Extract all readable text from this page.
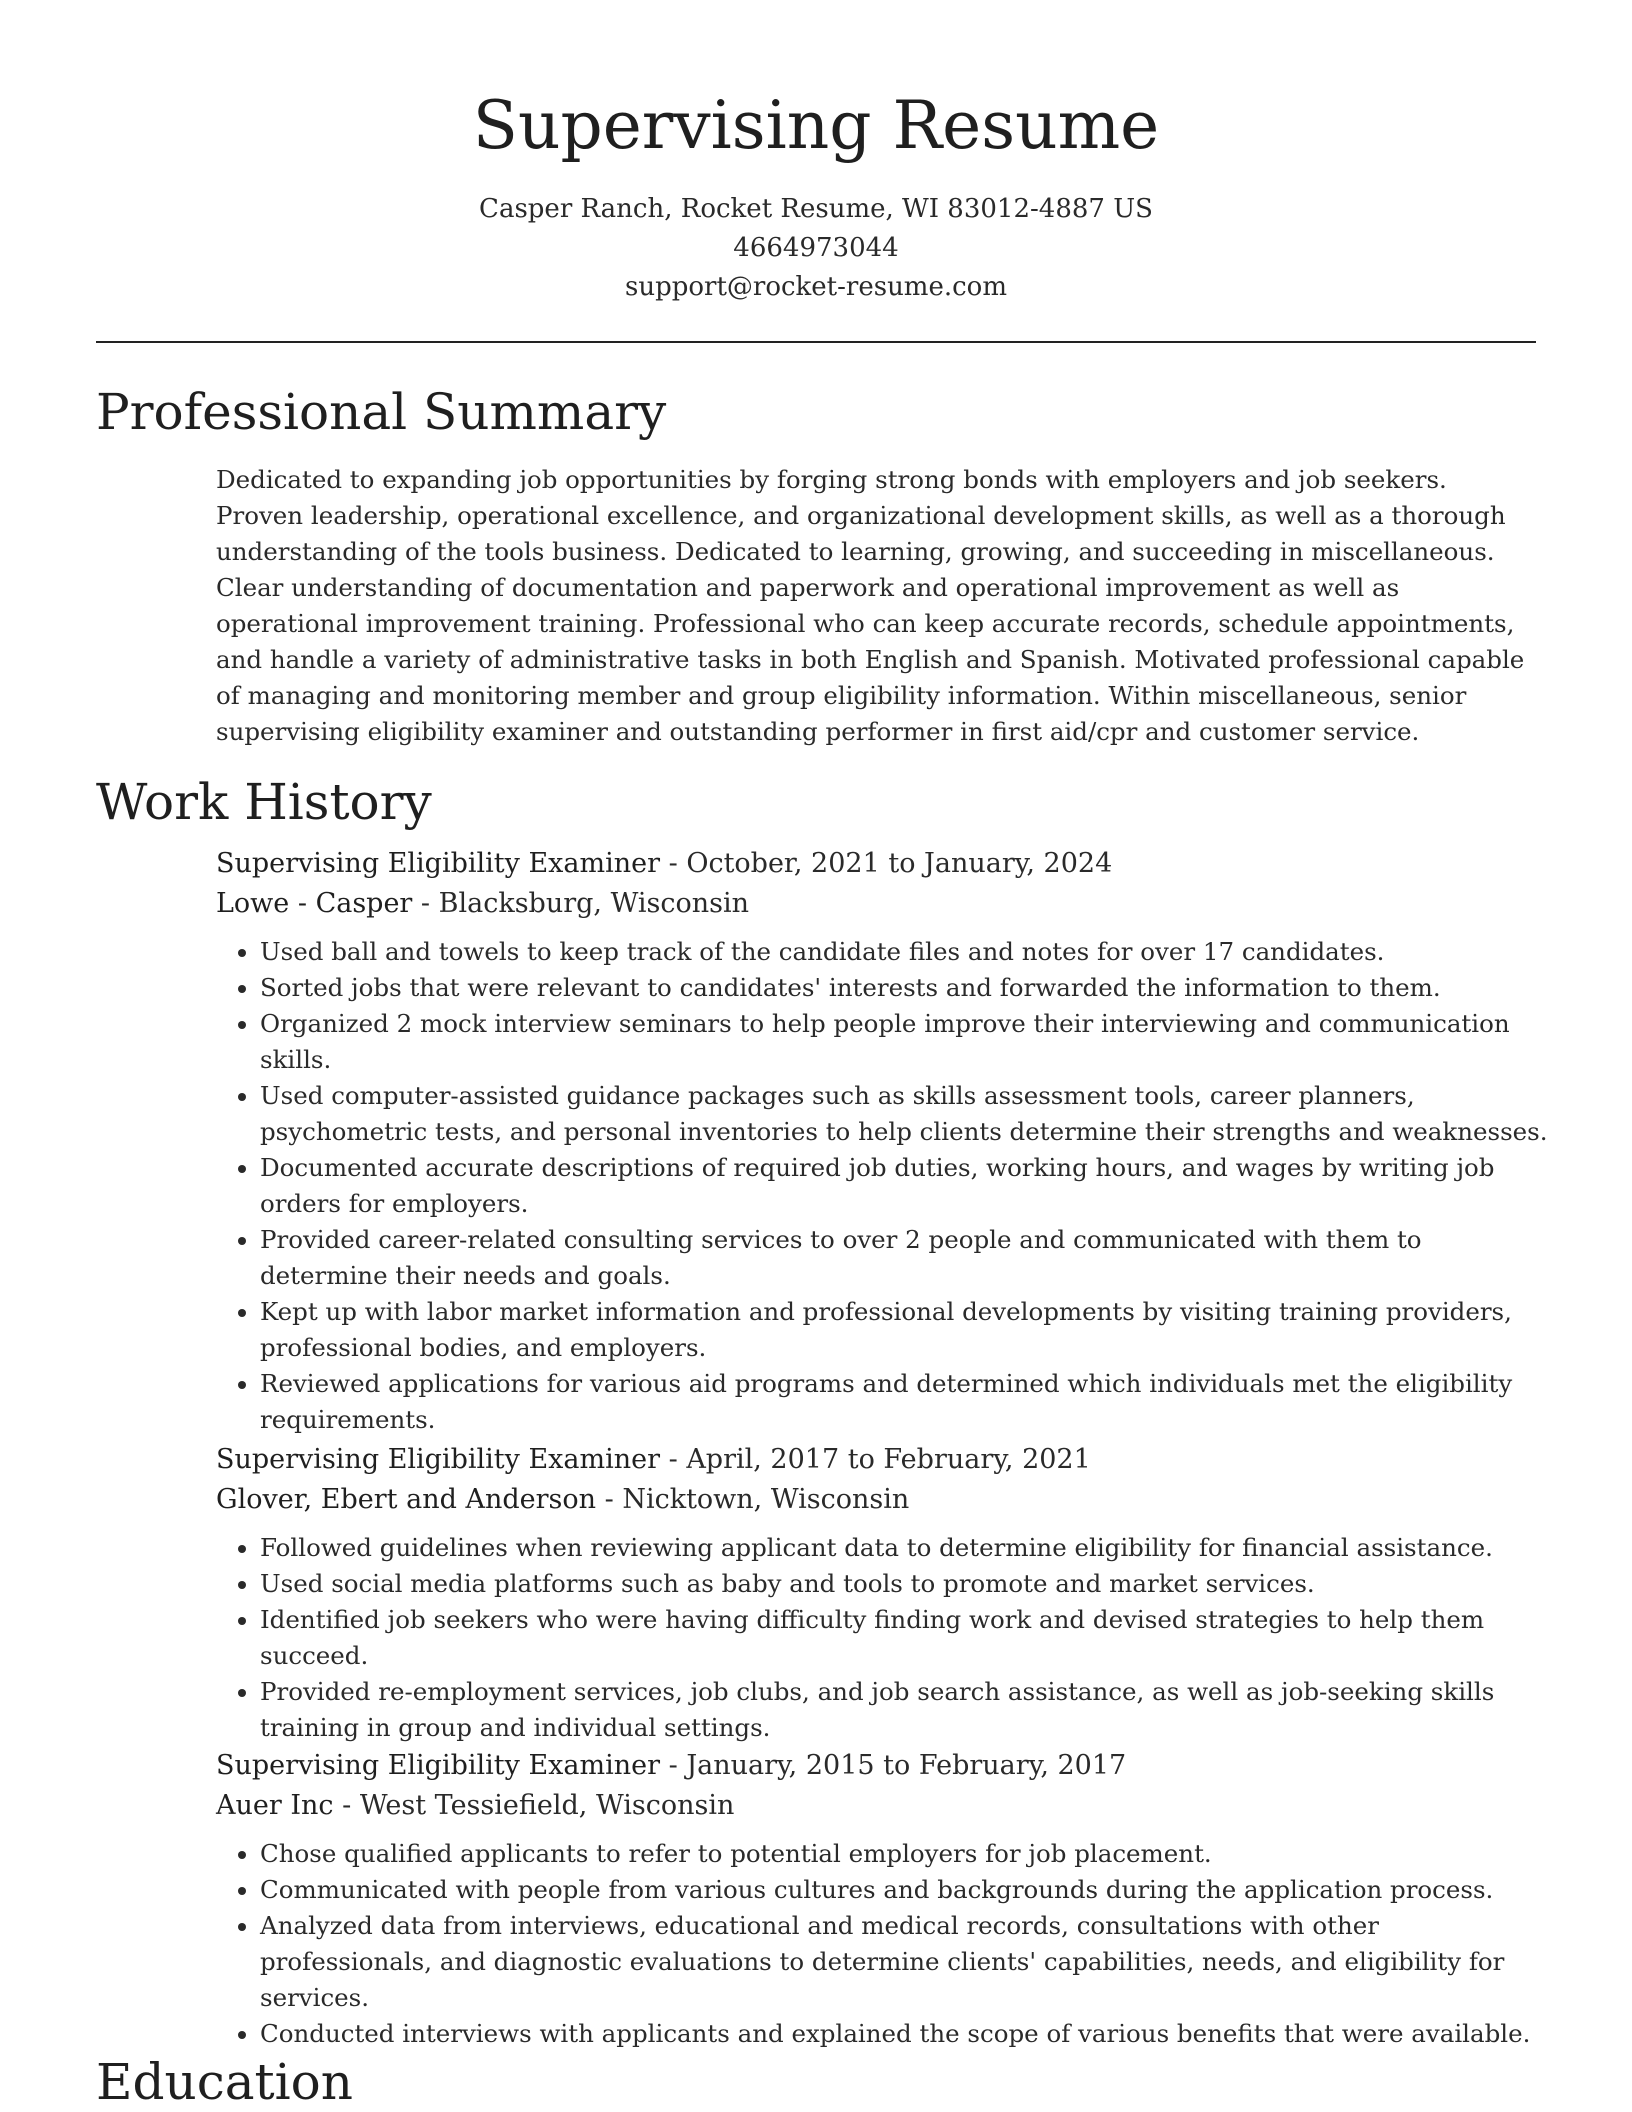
Supervising Resume
Casper Ranch, Rocket Resume, WI 83012-4887 US
4664973044
support@rocket-resume.com
Professional Summary

Dedicated to expanding job opportunities by forging strong bonds with employers and job seekers. Proven leadership, operational excellence, and organizational development skills, as well as a thorough understanding of the tools business. Dedicated to learning, growing, and succeeding in miscellaneous. Clear understanding of documentation and paperwork and operational improvement as well as operational improvement training. Professional who can keep accurate records, schedule appointments, and handle a variety of administrative tasks in both English and Spanish. Motivated professional capable of managing and monitoring member and group eligibility information. Within miscellaneous, senior supervising eligibility examiner and outstanding performer in first aid/cpr and customer service.

Work History
Supervising Eligibility Examiner - October, 2021 to January, 2024
Lowe - Casper - Blacksburg, Wisconsin
• Used ball and towels to keep track of the candidate files and notes for over 17 candidates.
• Sorted jobs that were relevant to candidates' interests and forwarded the information to them.
• Organized 2 mock interview seminars to help people improve their interviewing and communication skills.
• Used computer-assisted guidance packages such as skills assessment tools, career planners, psychometric tests, and personal inventories to help clients determine their strengths and weaknesses.
• Documented accurate descriptions of required job duties, working hours, and wages by writing job orders for employers.
• Provided career-related consulting services to over 2 people and communicated with them to determine their needs and goals.
• Kept up with labor market information and professional developments by visiting training providers, professional bodies, and employers.
• Reviewed applications for various aid programs and determined which individuals met the eligibility requirements.
Supervising Eligibility Examiner - April, 2017 to February, 2021
Glover, Ebert and Anderson - Nicktown, Wisconsin
• Followed guidelines when reviewing applicant data to determine eligibility for financial assistance.
• Used social media platforms such as baby and tools to promote and market services.
• Identified job seekers who were having difficulty finding work and devised strategies to help them succeed.
• Provided re-employment services, job clubs, and job search assistance, as well as job-seeking skills training in group and individual settings.
Supervising Eligibility Examiner - January, 2015 to February, 2017
Auer Inc - West Tessiefield, Wisconsin
• Chose qualified applicants to refer to potential employers for job placement.
• Communicated with people from various cultures and backgrounds during the application process.
• Analyzed data from interviews, educational and medical records, consultations with other professionals, and diagnostic evaluations to determine clients' capabilities, needs, and eligibility for services.
• Conducted interviews with applicants and explained the scope of various benefits that were available.
Education
